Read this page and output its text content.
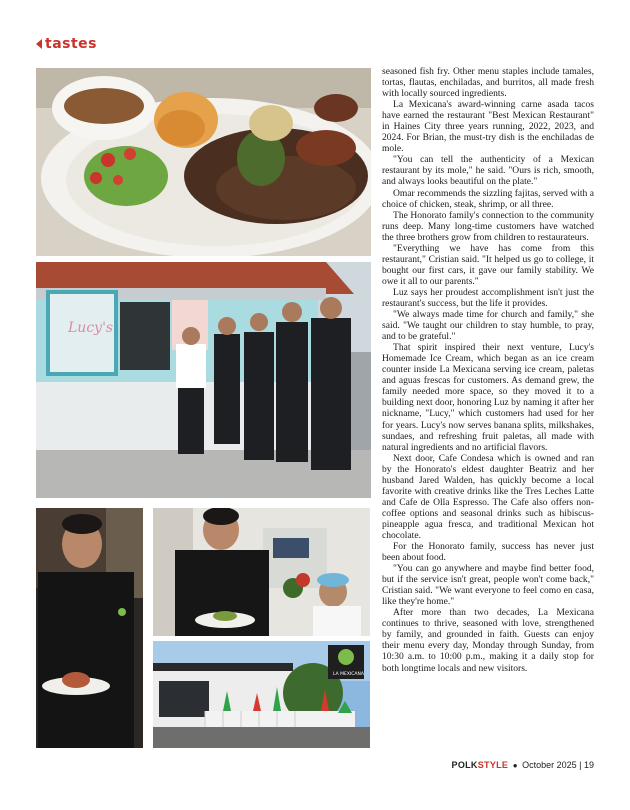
tastes
Lucy's
LA MEXICANA

seasoned fish fry. Other menu staples include tamales, tortas, flautas, enchiladas, and burritos, all made fresh with locally sourced ingredients.

La Mexicana's award-winning carne asada tacos have earned the restaurant "Best Mexican Restaurant" in Haines City three years running, 2022, 2023, and 2024. For Brian, the must-try dish is the enchiladas de mole.

"You can tell the authenticity of a Mexican restaurant by its mole," he said. "Ours is rich, smooth, and always looks beautiful on the plate."

Omar recommends the sizzling fajitas, served with a choice of chicken, steak, shrimp, or all three.

The Honorato family's connection to the community runs deep. Many long-time customers have watched the three brothers grow from children to restaurateurs.

"Everything we have has come from this restaurant," Cristian said. "It helped us go to college, it bought our first cars, it gave our family stability. We owe it all to our parents."

Luz says her proudest accomplishment isn't just the restaurant's success, but the life it provides.

"We always made time for church and family," she said. "We taught our children to stay humble, to pray, and to be grateful."

That spirit inspired their next venture, Lucy's Homemade Ice Cream, which began as an ice cream counter inside La Mexicana serving ice cream, paletas and aguas frescas for customers. As demand grew, the family needed more space, so they moved it to a building next door, honoring Luz by naming it after her nickname, "Lucy," which customers had used for her for years. Lucy's now serves banana splits, milkshakes, sundaes, and refreshing fruit paletas, all made with natural ingredients and no artificial flavors.

Next door, Cafe Condesa which is owned and ran by the Honorato's eldest daughter Beatriz and her husband Jared Walden, has quickly become a local favorite with creative drinks like the Tres Leches Latte and Cafe de Olla Espresso. The Cafe also offers non-coffee options and seasonal drinks such as hibiscus-pineapple agua fresca, and traditional Mexican hot chocolate.

For the Honorato family, success has never just been about food.

"You can go anywhere and maybe find better food, but if the service isn't great, people won't come back," Cristian said. "We want everyone to feel como en casa, like they're home."

After more than two decades, La Mexicana continues to thrive, seasoned with love, strengthened by family, and grounded in faith. Guests can enjoy their menu every day, Monday through Sunday, from 10:30 a.m. to 10:00 p.m., making it a daily stop for both longtime locals and new visitors.

POLKSTYLE ● October 2025 | 19
